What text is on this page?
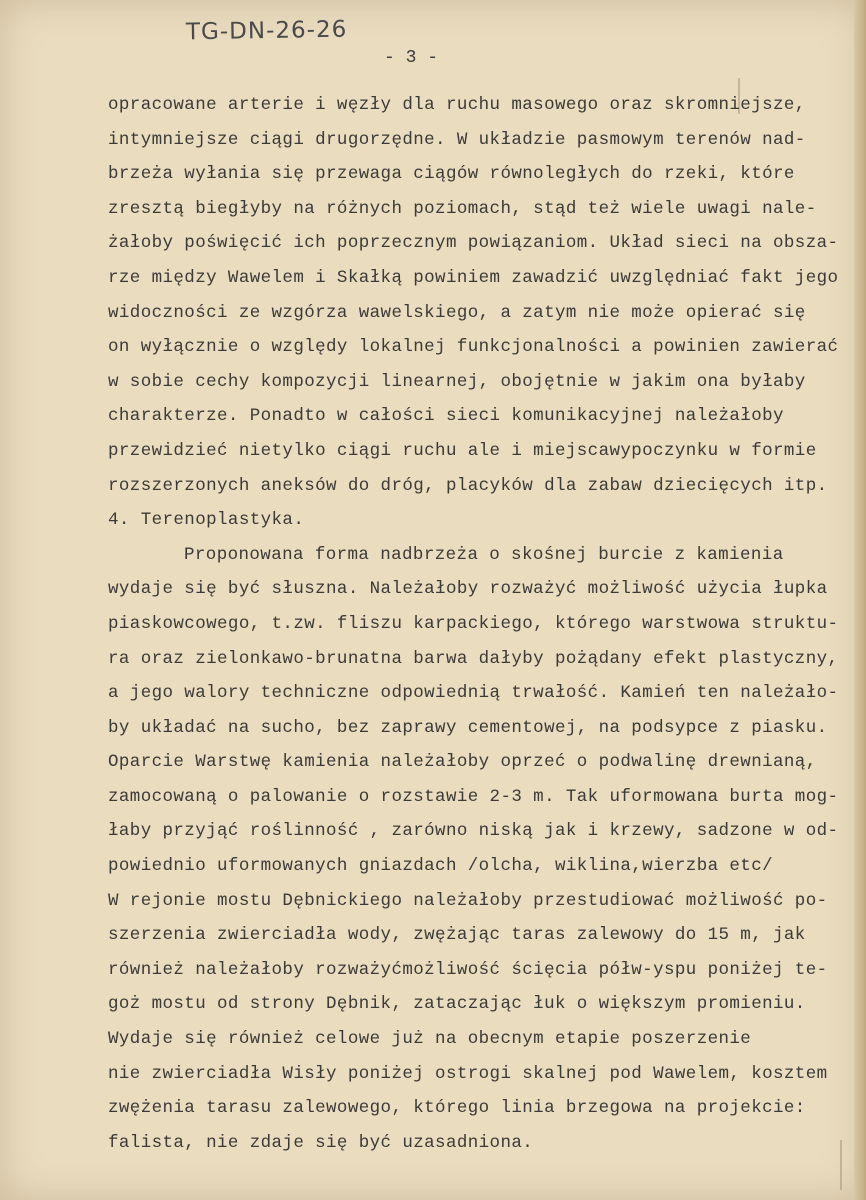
TG-DN-26-26
- 3 -
opracowane arterie i węzły dla ruchu masowego oraz skromniejsze,
intymniejsze ciągi drugorzędne. W układzie pasmowym terenów nad-
brzeża wyłania się przewaga ciągów równoległych do rzeki, które
zresztą biegłyby na różnych poziomach, stąd też wiele uwagi nale-
żałoby poświęcić ich poprzecznym powiązaniom. Układ sieci na obsza-
rze między Wawelem i Skałką powiniem zawadzić uwzględniać fakt jego
widoczności ze wzgórza wawelskiego, a zatym nie może opierać się
on wyłącznie o względy lokalnej funkcjonalności a powinien zawierać
w sobie cechy kompozycji linearnej, obojętnie w jakim ona byłaby
charakterze. Ponadto w całości sieci komunikacyjnej należałoby
przewidzieć nietylko ciągi ruchu ale i miejscawypoczynku w formie
rozszerzonych aneksów do dróg, placyków dla zabaw dziecięcych itp.
4. Terenoplastyka.
Proponowana forma nadbrzeża o skośnej burcie z kamienia
wydaje się być słuszna. Należałoby rozważyć możliwość użycia łupka
piaskowcowego, t.zw. fliszu karpackiego, którego warstwowa struktu-
ra oraz zielonkawo-brunatna barwa dałyby pożądany efekt plastyczny,
a jego walory techniczne odpowiednią trwałość. Kamień ten należało-
by układać na sucho, bez zaprawy cementowej, na podsypce z piasku.
Oparcie Warstwę kamienia należałoby oprzeć o podwalinę drewnianą,
zamocowaną o palowanie o rozstawie 2-3 m. Tak uformowana burta mog-
łaby przyjąć roślinność , zarówno niską jak i krzewy, sadzone w od-
powiednio uformowanych gniazdach /olcha, wiklina,wierzba etc/
W rejonie mostu Dębnickiego należałoby przestudiować możliwość po-
szerzenia zwierciadła wody, zwężając taras zalewowy do 15 m, jak
również należałoby rozważyćmożliwość ścięcia półw-yspu poniżej te-
goż mostu od strony Dębnik, zataczając łuk o większym promieniu.
Wydaje się również celowe już na obecnym etapie poszerzenie
nie zwierciadła Wisły poniżej ostrogi skalnej pod Wawelem, kosztem
zwężenia tarasu zalewowego, którego linia brzegowa na projekcie:
falista, nie zdaje się być uzasadniona.
